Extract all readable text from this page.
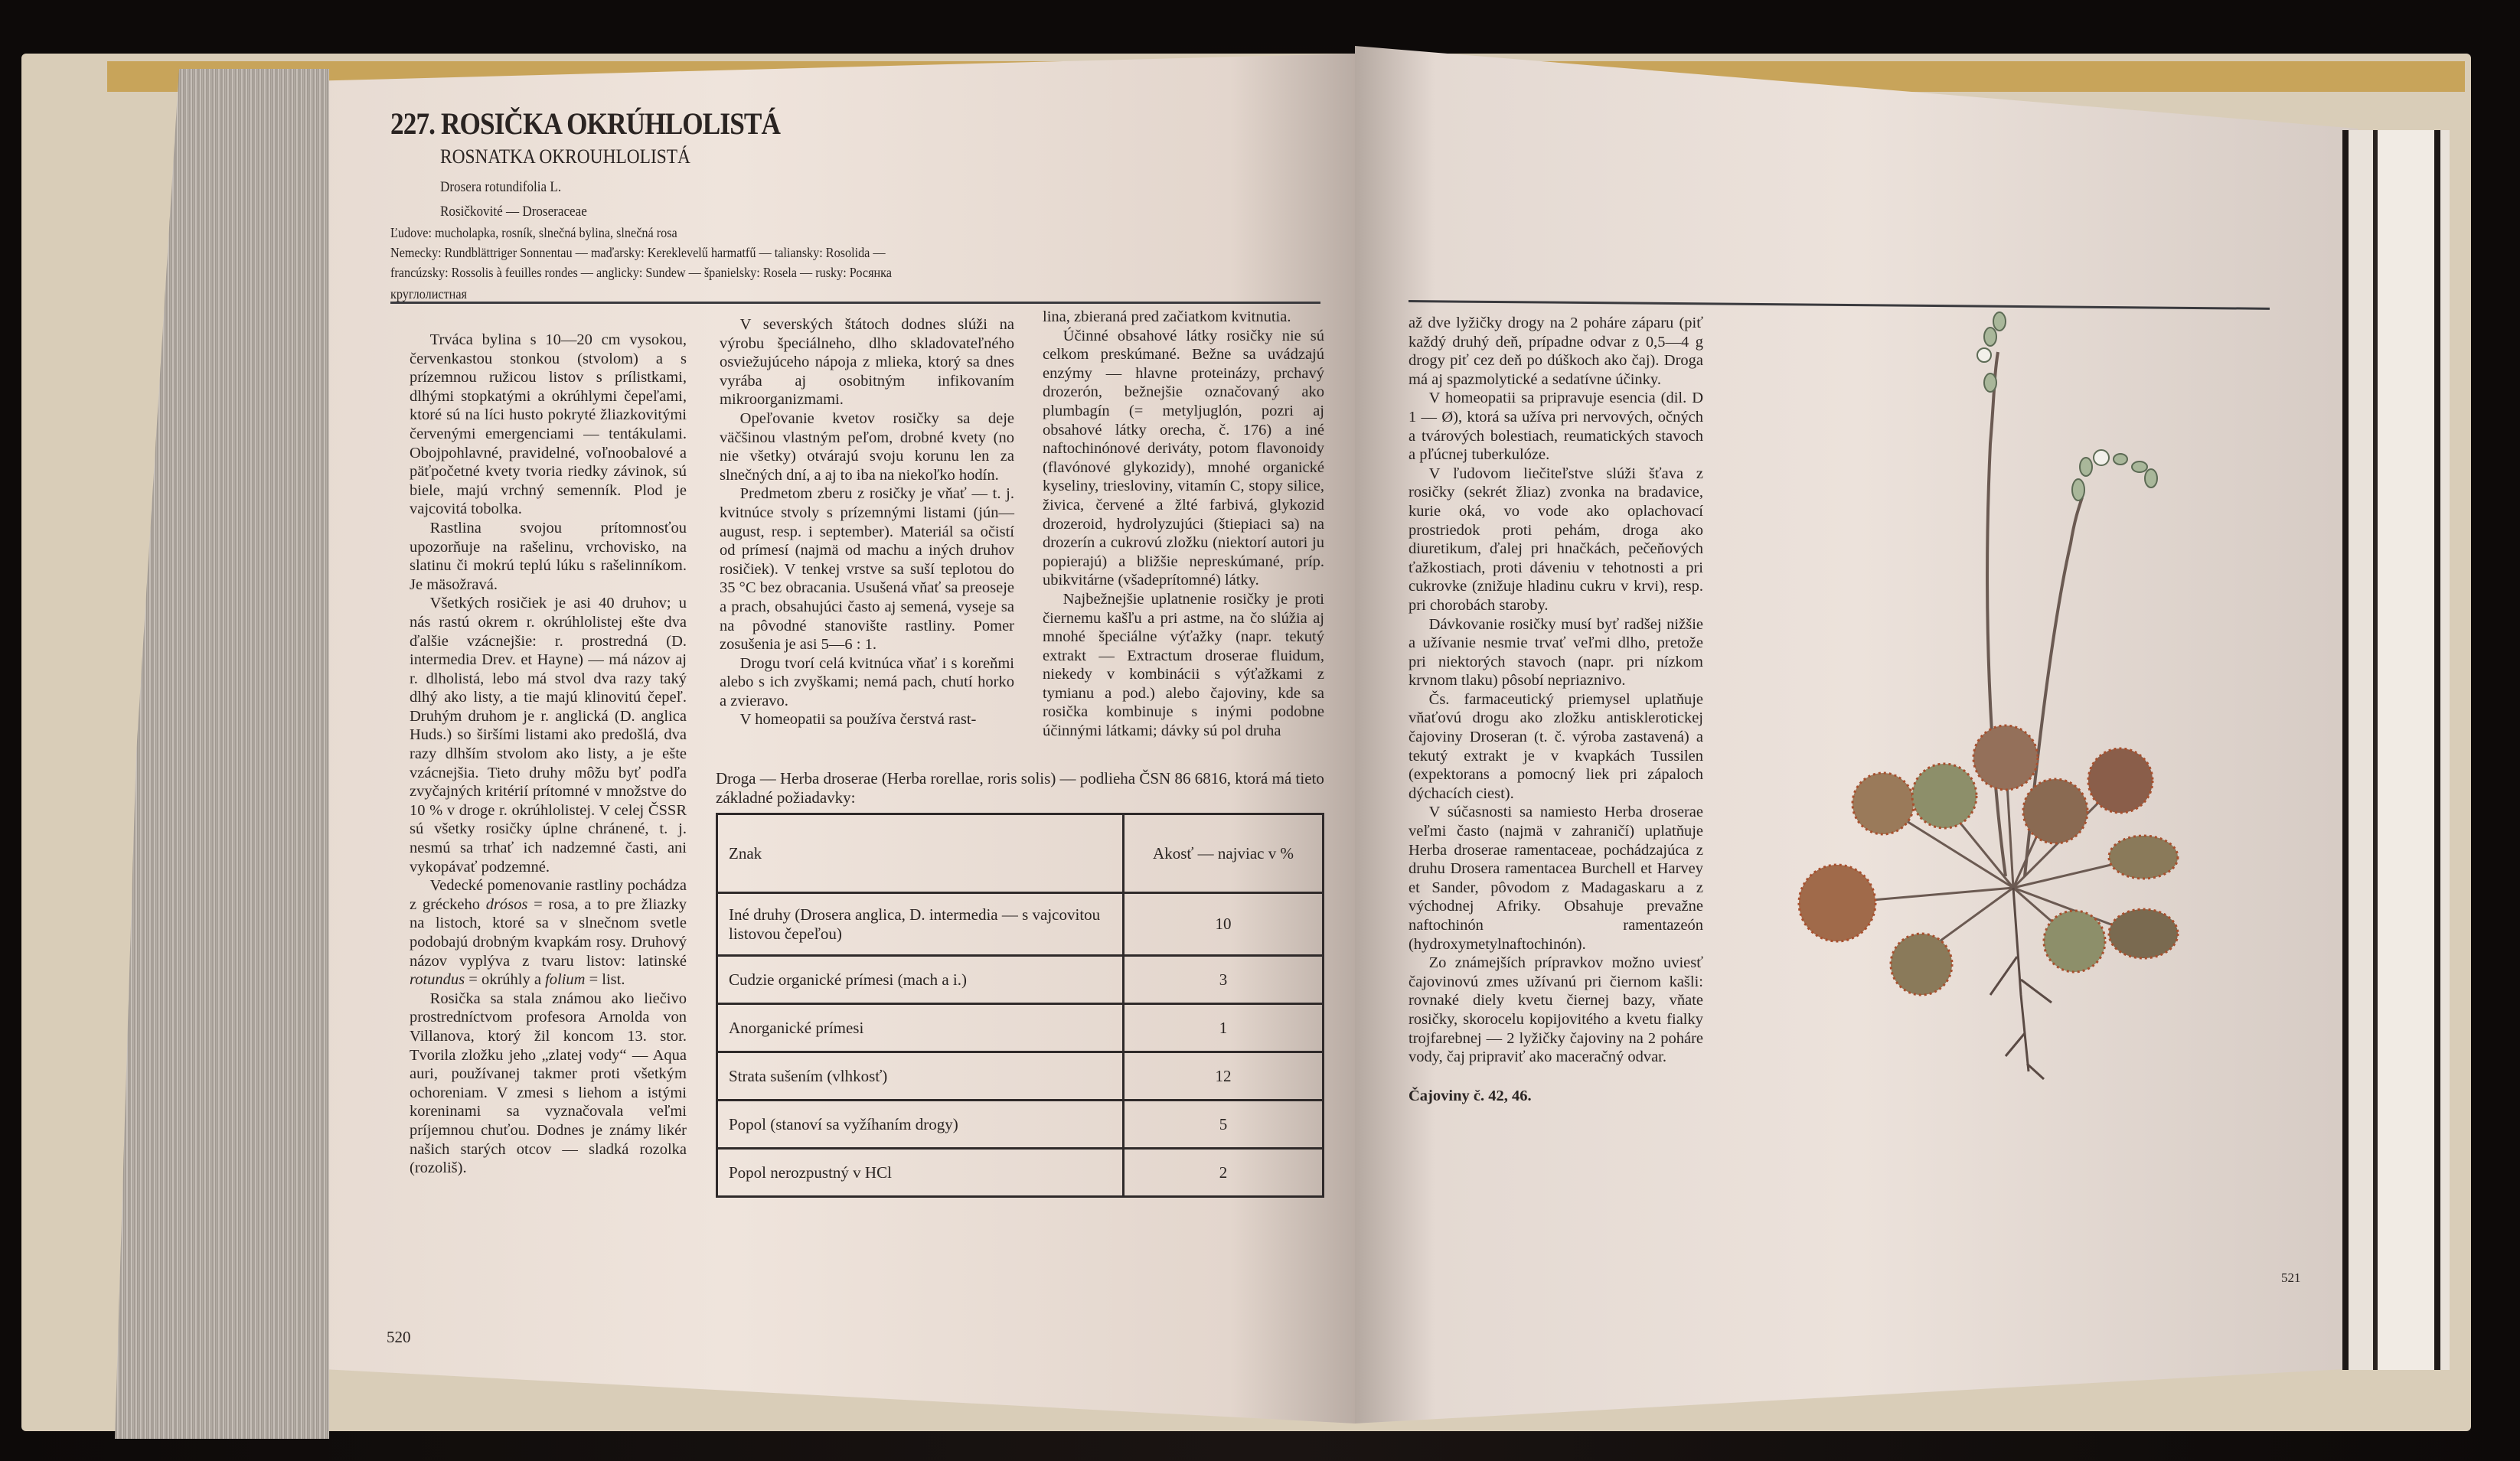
227. ROSIČKA OKRÚHLOLISTÁ
ROSNATKA OKROUHLOLISTÁ
Drosera rotundifolia L.
Rosičkovité — Droseraceae
Ľudove: mucholapka, rosník, slnečná bylina, slnečná rosa
Nemecky: Rundblättriger Sonnentau — maďarsky: Kereklevelű harmatfű — taliansky: Rosolida —
francúzsky: Rossolis à feuilles rondes — anglicky: Sundew — španielsky: Rosela — rusky: Росянка
круглолистная

Trváca bylina s 10—20 cm vysokou, červenkastou stonkou (stvolom) a s prízemnou ružicou listov s prílistkami, dlhými stopkatými a okrúhlymi čepeľami, ktoré sú na líci husto pokryté žliazkovitými červenými emergenciami — tentákulami. Obojpohlavné, pravidelné, voľnoobalové a päťpočetné kvety tvoria riedky závinok, sú biele, majú vrchný semenník. Plod je vajcovitá tobolka.

Rastlina svojou prítomnosťou upozorňuje na rašelinu, vrchovisko, na slatinu či mokrú teplú lúku s rašelinníkom. Je mäsožravá.

Všetkých rosičiek je asi 40 druhov; u nás rastú okrem r. okrúhlolistej ešte dva ďalšie vzácnejšie: r. prostredná (D. intermedia Drev. et Hayne) — má názov aj r. dlholistá, lebo má stvol dva razy taký dlhý ako listy, a tie majú klinovitú čepeľ. Druhým druhom je r. anglická (D. anglica Huds.) so širšími listami ako predošlá, dva razy dlhším stvolom ako listy, a je ešte vzácnejšia. Tieto druhy môžu byť podľa zvyčajných kritérií prítomné v množstve do 10 % v droge r. okrúhlolistej. V celej ČSSR sú všetky rosičky úplne chránené, t. j. nesmú sa trhať ich nadzemné časti, ani vykopávať podzemné.

Vedecké pomenovanie rastliny pochádza z gréckeho drósos = rosa, a to pre žliazky na listoch, ktoré sa v slnečnom svetle podobajú drobným kvapkám rosy. Druhový názov vyplýva z tvaru listov: latinské rotundus = okrúhly a folium = list.

Rosička sa stala známou ako liečivo prostredníctvom profesora Arnolda von Villanova, ktorý žil koncom 13. stor. Tvorila zložku jeho „zlatej vody“ — Aqua auri, používanej takmer proti všetkým ochoreniam. V zmesi s liehom a istými koreninami sa vyznačovala veľmi príjemnou chuťou. Dodnes je známy likér našich starých otcov — sladká rozolka (rozoliš).

V severských štátoch dodnes slúži na výrobu špeciálneho, dlho skladovateľného osviežujúceho nápoja z mlieka, ktorý sa dnes vyrába aj osobitným infikovaním mikroorganizmami.

Opeľovanie kvetov rosičky sa deje väčšinou vlastným peľom, drobné kvety (no nie všetky) otvárajú svoju korunu len za slnečných dní, a aj to iba na niekoľko hodín.

Predmetom zberu z rosičky je vňať — t. j. kvitnúce stvoly s prízemnými listami (jún—august, resp. i september). Materiál sa očistí od prímesí (najmä od machu a iných druhov rosičiek). V tenkej vrstve sa suší teplotou do 35 °C bez obracania. Usušená vňať sa preoseje a prach, obsahujúci často aj semená, vyseje sa na pôvodné stanovište rastliny. Pomer zosušenia je asi 5—6 : 1.

Drogu tvorí celá kvitnúca vňať i s koreňmi alebo s ich zvyškami; nemá pach, chutí horko a zvieravo.

V homeopatii sa používa čerstvá rast-

lina, zbieraná pred začiatkom kvitnutia.

Účinné obsahové látky rosičky nie sú celkom preskúmané. Bežne sa uvádzajú enzýmy — hlavne proteinázy, prchavý drozerón, bežnejšie označovaný ako plumbagín (= metyljuglón, pozri aj obsahové látky orecha, č. 176) a iné naftochinónové deriváty, potom flavonoidy (flavónové glykozidy), mnohé organické kyseliny, triesloviny, vitamín C, stopy silice, živica, červené a žlté farbivá, glykozid drozeroid, hydrolyzujúci (štiepiaci sa) na drozerín a cukrovú zložku (niektorí autori ju popierajú) a bližšie nepreskúmané, príp. ubikvitárne (všadeprítomné) látky.

Najbežnejšie uplatnenie rosičky je proti čiernemu kašľu a pri astme, na čo slúžia aj mnohé špeciálne výťažky (napr. tekutý extrakt — Extractum droserae fluidum, niekedy v kombinácii s výťažkami z tymianu a pod.) alebo čajoviny, kde sa rosička kombinuje s inými podobne účinnými látkami; dávky sú pol druha

Droga — Herba droserae (Herba rorellae, roris solis) — podlieha ČSN 86 6816, ktorá má tieto základné požiadavky:
Znak	Akosť — najviac v %
Iné druhy (Drosera anglica, D. intermedia — s vajcovitou listovou čepeľou)	10
Cudzie organické prímesi (mach a i.)	3
Anorganické prímesi	1
Strata sušením (vlhkosť)	12
Popol (stanoví sa vyžíhaním drogy)	5
Popol nerozpustný v HCl	2
520

až dve lyžičky drogy na 2 poháre záparu (piť každý druhý deň, prípadne odvar z 0,5—4 g drogy piť cez deň po dúškoch ako čaj). Droga má aj spazmolytické a sedatívne účinky.

V homeopatii sa pripravuje esencia (dil. D 1 — Ø), ktorá sa užíva pri nervových, očných a tvárových bolestiach, reumatických stavoch a pľúcnej tuberkulóze.

V ľudovom liečiteľstve slúži šťava z rosičky (sekrét žliaz) zvonka na bradavice, kurie oká, vo vode ako oplachovací prostriedok proti pehám, droga ako diuretikum, ďalej pri hnačkách, pečeňových ťažkostiach, proti dáveniu v tehotnosti a pri cukrovke (znižuje hladinu cukru v krvi), resp. pri chorobách staroby.

Dávkovanie rosičky musí byť radšej nižšie a užívanie nesmie trvať veľmi dlho, pretože pri niektorých stavoch (napr. pri nízkom krvnom tlaku) pôsobí nepriaznivo.

Čs. farmaceutický priemysel uplatňuje vňaťovú drogu ako zložku antisklerotickej čajoviny Droseran (t. č. výroba zastavená) a tekutý extrakt je v kvapkách Tussilen (expektorans a pomocný liek pri zápaloch dýchacích ciest).

V súčasnosti sa namiesto Herba droserae veľmi často (najmä v zahraničí) uplatňuje Herba droserae ramentaceae, pochádzajúca z druhu Drosera ramentacea Burchell et Harvey et Sander, pôvodom z Madagaskaru a z východnej Afriky. Obsahuje prevažne naftochinón ramentazeón (hydroxymetylnaftochinón).

Zo známejších prípravkov možno uviesť čajovinovú zmes užívanú pri čiernom kašli: rovnaké diely kvetu čiernej bazy, vňate rosičky, skorocelu kopijovitého a kvetu fialky trojfarebnej — 2 lyžičky čajoviny na 2 poháre vody, čaj pripraviť ako maceračný odvar.

Čajoviny č. 42, 46.

521
